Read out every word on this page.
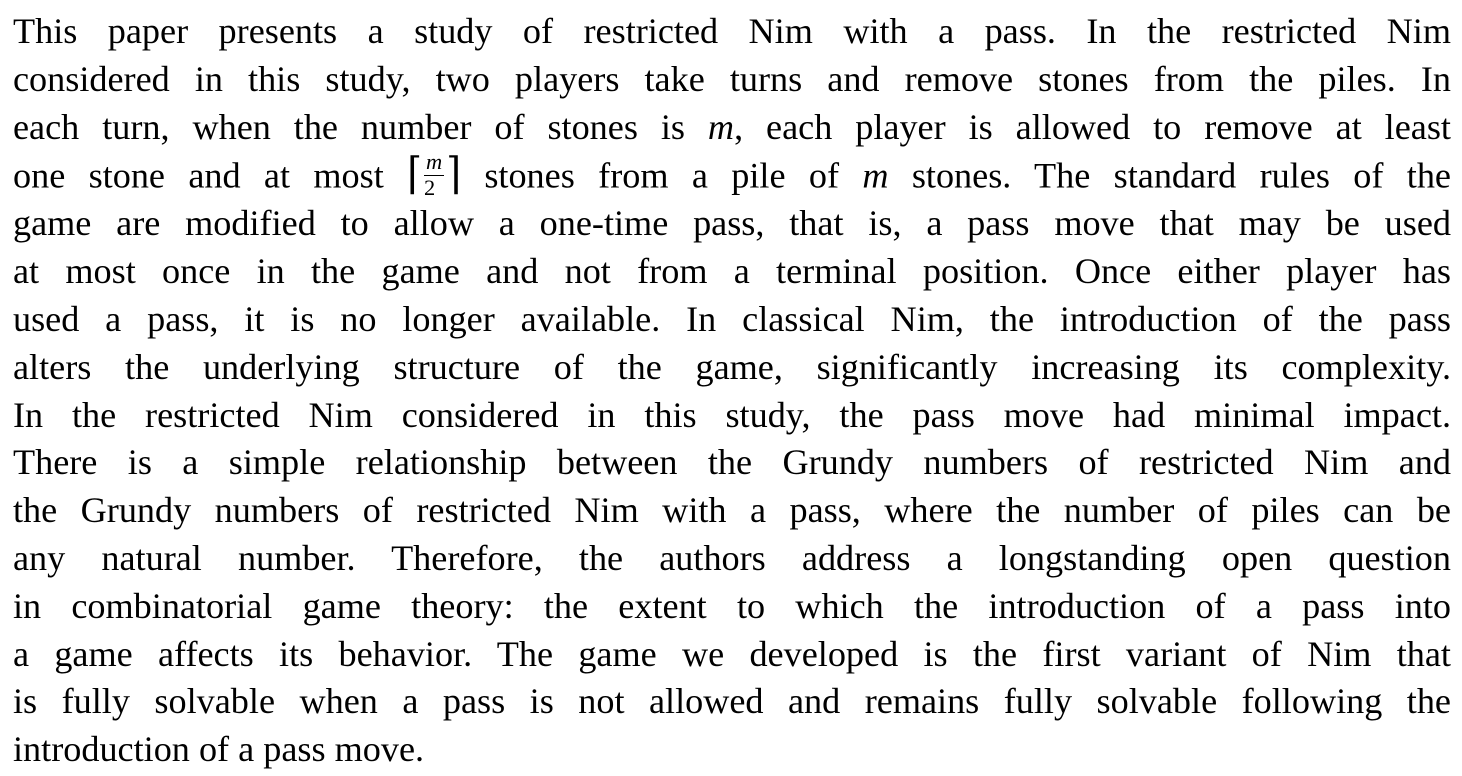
This paper presents a study of restricted Nim with a pass. In the restricted Nim
considered in this study, two players take turns and remove stones from the piles. In
each turn, when the number of stones is m, each player is allowed to remove at least
one stone and at most ⌈ $\frac{m}{2}$ ⌉ stones from a pile of m stones. The standard rules of the
game are modified to allow a one-time pass, that is, a pass move that may be used
at most once in the game and not from a terminal position. Once either player has
used a pass, it is no longer available. In classical Nim, the introduction of the pass
alters the underlying structure of the game, significantly increasing its complexity.
In the restricted Nim considered in this study, the pass move had minimal impact.
There is a simple relationship between the Grundy numbers of restricted Nim and
the Grundy numbers of restricted Nim with a pass, where the number of piles can be
any natural number. Therefore, the authors address a longstanding open question
in combinatorial game theory: the extent to which the introduction of a pass into
a game affects its behavior. The game we developed is the first variant of Nim that
is fully solvable when a pass is not allowed and remains fully solvable following the
introduction of a pass move.
